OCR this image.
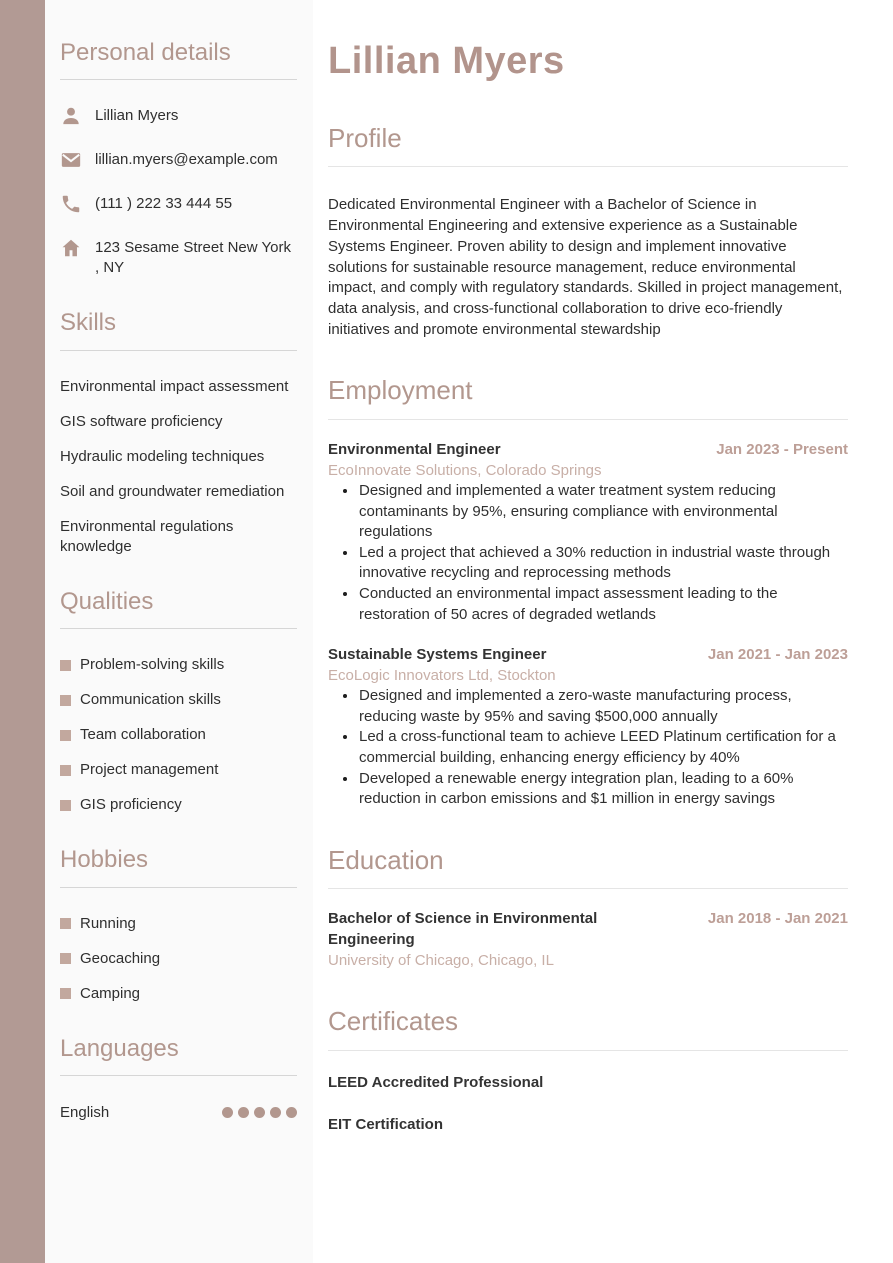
Personal details
Lillian Myers
lillian.myers@example.com
(111 ) 222 33 444 55
123 Sesame Street New York , NY
Skills
Environmental impact assessment
GIS software proficiency
Hydraulic modeling techniques
Soil and groundwater remediation
Environmental regulations knowledge
Qualities
Problem-solving skills
Communication skills
Team collaboration
Project management
GIS proficiency
Hobbies
Running
Geocaching
Camping
Languages
English
Lillian Myers
Profile

Dedicated Environmental Engineer with a Bachelor of Science in Environmental Engineering and extensive experience as a Sustainable Systems Engineer. Proven ability to design and implement innovative solutions for sustainable resource management, reduce environmental impact, and comply with regulatory standards. Skilled in project management, data analysis, and cross-functional collaboration to drive eco-friendly initiatives and promote environmental stewardship

Employment
Environmental Engineer	Jan 2023 - Present
EcoInnovate Solutions, Colorado Springs
• Designed and implemented a water treatment system reducing contaminants by 95%, ensuring compliance with environmental regulations
• Led a project that achieved a 30% reduction in industrial waste through innovative recycling and reprocessing methods
• Conducted an environmental impact assessment leading to the restoration of 50 acres of degraded wetlands
Sustainable Systems Engineer	Jan 2021 - Jan 2023
EcoLogic Innovators Ltd, Stockton
• Designed and implemented a zero-waste manufacturing process, reducing waste by 95% and saving $500,000 annually
• Led a cross-functional team to achieve LEED Platinum certification for a commercial building, enhancing energy efficiency by 40%
• Developed a renewable energy integration plan, leading to a 60% reduction in carbon emissions and $1 million in energy savings
Education
Bachelor of Science in Environmental Engineering
Jan 2018 - Jan 2021
University of Chicago, Chicago, IL
Certificates
LEED Accredited Professional
EIT Certification
